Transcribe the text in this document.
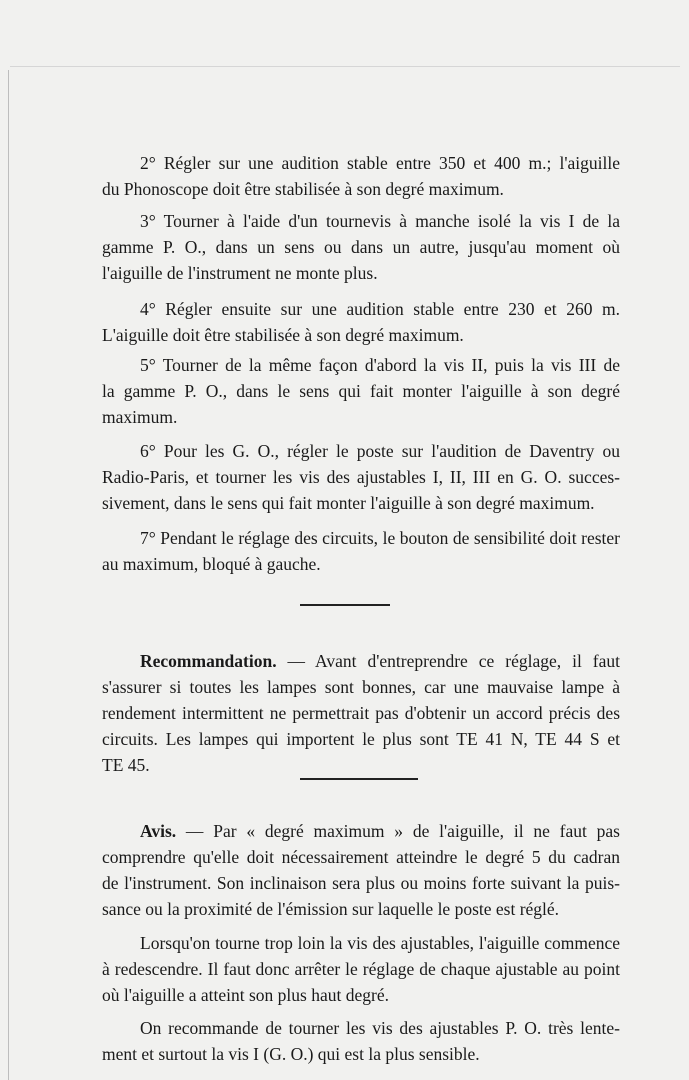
2° Régler sur une audition stable entre 350 et 400 m.; l'aiguille
du Phonoscope doit être stabilisée à son degré maximum.
3° Tourner à l'aide d'un tournevis à manche isolé la vis I de la
gamme P. O., dans un sens ou dans un autre, jusqu'au moment où
l'aiguille de l'instrument ne monte plus.
4° Régler ensuite sur une audition stable entre 230 et 260 m.
L'aiguille doit être stabilisée à son degré maximum.
5° Tourner de la même façon d'abord la vis II, puis la vis III de
la gamme P. O., dans le sens qui fait monter l'aiguille à son degré
maximum.
6° Pour les G. O., régler le poste sur l'audition de Daventry ou
Radio-Paris, et tourner les vis des ajustables I, II, III en G. O. succes-
sivement, dans le sens qui fait monter l'aiguille à son degré maximum.
7° Pendant le réglage des circuits, le bouton de sensibilité doit rester
au maximum, bloqué à gauche.
Recommandation. — Avant d'entreprendre ce réglage, il faut
s'assurer si toutes les lampes sont bonnes, car une mauvaise lampe à
rendement intermittent ne permettrait pas d'obtenir un accord précis des
circuits. Les lampes qui importent le plus sont TE 41 N, TE 44 S et
TE 45.
Avis. — Par « degré maximum » de l'aiguille, il ne faut pas
comprendre qu'elle doit nécessairement atteindre le degré 5 du cadran
de l'instrument. Son inclinaison sera plus ou moins forte suivant la puis-
sance ou la proximité de l'émission sur laquelle le poste est réglé.
Lorsqu'on tourne trop loin la vis des ajustables, l'aiguille commence
à redescendre. Il faut donc arrêter le réglage de chaque ajustable au point
où l'aiguille a atteint son plus haut degré.
On recommande de tourner les vis des ajustables P. O. très lente-
ment et surtout la vis I (G. O.) qui est la plus sensible.
